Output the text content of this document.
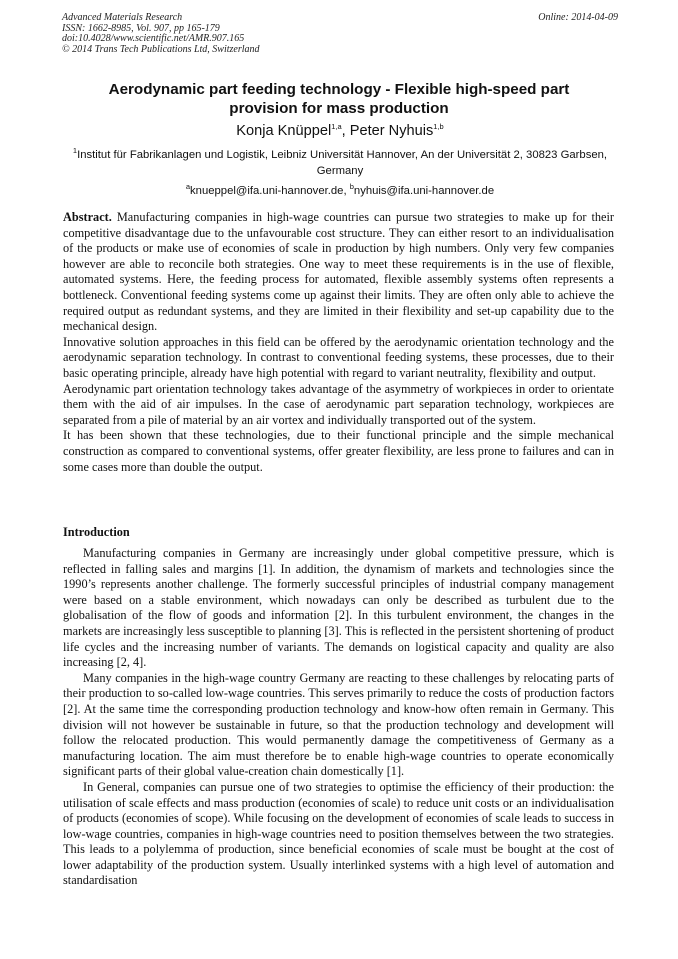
Advanced Materials Research
ISSN: 1662-8985, Vol. 907, pp 165-179
doi:10.4028/www.scientific.net/AMR.907.165
© 2014 Trans Tech Publications Ltd, Switzerland
Online: 2014-04-09
Aerodynamic part feeding technology - Flexible high-speed part provision for mass production
Konja Knüppel$^{1,a}$, Peter Nyhuis$^{1,b}$
$^1$Institut für Fabrikanlagen und Logistik, Leibniz Universität Hannover, An der Universität 2, 30823 Garbsen, Germany
$^a$knueppel@ifa.uni-hannover.de, $^b$nyhuis@ifa.uni-hannover.de

Abstract. Manufacturing companies in high-wage countries can pursue two strategies to make up for their competitive disadvantage due to the unfavourable cost structure. They can either resort to an individualisation of the products or make use of economies of scale in production by high numbers. Only very few companies however are able to reconcile both strategies. One way to meet these requirements is in the use of flexible, automated systems. Here, the feeding process for automated, flexible assembly systems often represents a bottleneck. Conventional feeding systems come up against their limits. They are often only able to achieve the required output as redundant systems, and they are limited in their flexibility and set-up capability due to the mechanical design.

Innovative solution approaches in this field can be offered by the aerodynamic orientation technology and the aerodynamic separation technology. In contrast to conventional feeding systems, these processes, due to their basic operating principle, already have high potential with regard to variant neutrality, flexibility and output.

Aerodynamic part orientation technology takes advantage of the asymmetry of workpieces in order to orientate them with the aid of air impulses. In the case of aerodynamic part separation technology, workpieces are separated from a pile of material by an air vortex and individually transported out of the system.

It has been shown that these technologies, due to their functional principle and the simple mechanical construction as compared to conventional systems, offer greater flexibility, are less prone to failures and can in some cases more than double the output.

Introduction

Manufacturing companies in Germany are increasingly under global competitive pressure, which is reflected in falling sales and margins [1]. In addition, the dynamism of markets and technologies since the 1990’s represents another challenge. The formerly successful principles of industrial company management were based on a stable environment, which nowadays can only be described as turbulent due to the globalisation of the flow of goods and information [2]. In this turbulent environment, the changes in the markets are increasingly less susceptible to planning [3]. This is reflected in the persistent shortening of product life cycles and the increasing number of variants. The demands on logistical capacity and quality are also increasing [2, 4].

Many companies in the high-wage country Germany are reacting to these challenges by relocating parts of their production to so-called low-wage countries. This serves primarily to reduce the costs of production factors [2]. At the same time the corresponding production technology and know-how often remain in Germany. This division will not however be sustainable in future, so that the production technology and development will follow the relocated production. This would permanently damage the competitiveness of Germany as a manufacturing location. The aim must therefore be to enable high-wage countries to operate economically significant parts of their global value-creation chain domestically [1].

In General, companies can pursue one of two strategies to optimise the efficiency of their production: the utilisation of scale effects and mass production (economies of scale) to reduce unit costs or an individualisation of products (economies of scope). While focusing on the development of economies of scale leads to success in low-wage countries, companies in high-wage countries need to position themselves between the two strategies. This leads to a polylemma of production, since beneficial economies of scale must be bought at the cost of lower adaptability of the production system. Usually interlinked systems with a high level of automation and standardisation
